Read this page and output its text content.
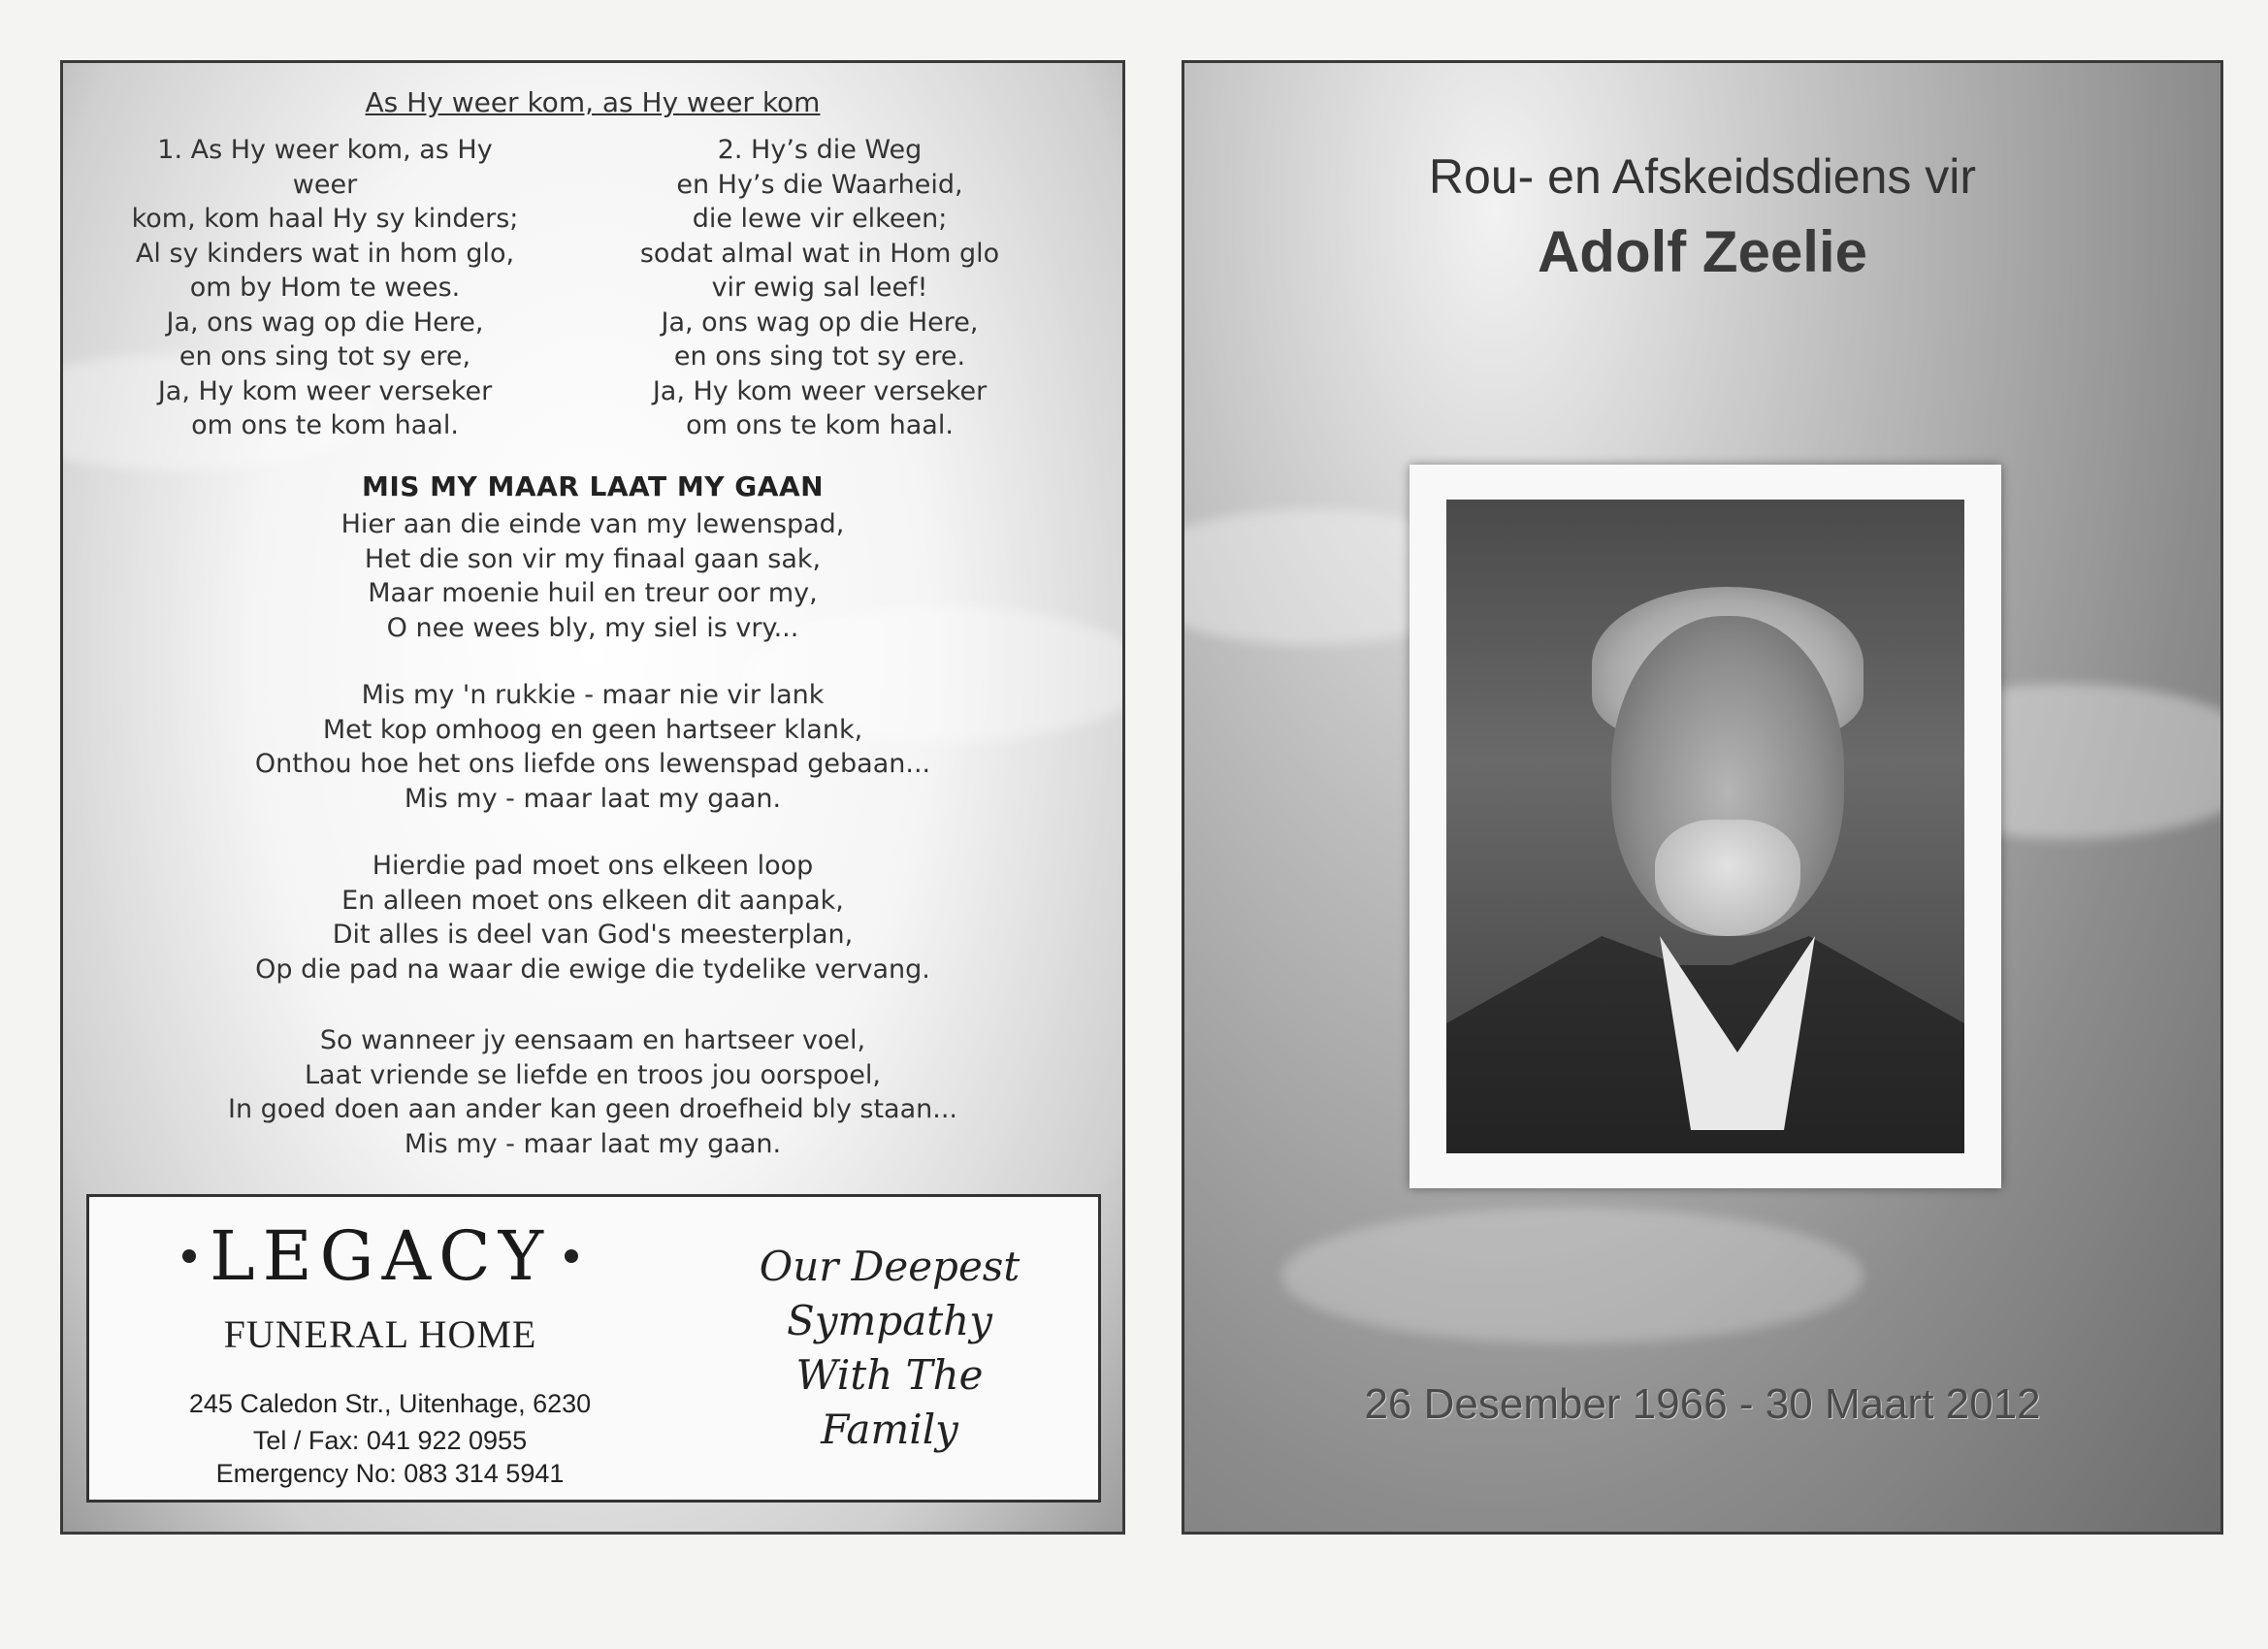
As Hy weer kom, as Hy weer kom
1. As Hy weer kom, as Hy weer
kom, kom haal Hy sy kinders;
Al sy kinders wat in hom glo,
om by Hom te wees.
Ja, ons wag op die Here,
en ons sing tot sy ere,
Ja, Hy kom weer verseker
om ons te kom haal.
2. Hy’s die Weg
en Hy’s die Waarheid,
die lewe vir elkeen;
sodat almal wat in Hom glo
vir ewig sal leef!
Ja, ons wag op die Here,
en ons sing tot sy ere.
Ja, Hy kom weer verseker
om ons te kom haal.
MIS MY MAAR LAAT MY GAAN
Hier aan die einde van my lewenspad,
Het die son vir my finaal gaan sak,
Maar moenie huil en treur oor my,
O nee wees bly, my siel is vry...
Mis my 'n rukkie - maar nie vir lank
Met kop omhoog en geen hartseer klank,
Onthou hoe het ons liefde ons lewenspad gebaan...
Mis my - maar laat my gaan.
Hierdie pad moet ons elkeen loop
En alleen moet ons elkeen dit aanpak,
Dit alles is deel van God's meesterplan,
Op die pad na waar die ewige die tydelike vervang.
So wanneer jy eensaam en hartseer voel,
Laat vriende se liefde en troos jou oorspoel,
In goed doen aan ander kan geen droefheid bly staan...
Mis my - maar laat my gaan.
LEGACY
FUNERAL HOME
245 Caledon Str., Uitenhage, 6230
Tel / Fax: 041 922 0955
Emergency No: 083 314 5941
Our Deepest
Sympathy
With The
Family
Rou- en Afskeidsdiens vir
Adolf Zeelie
26 Desember 1966 - 30 Maart 2012
